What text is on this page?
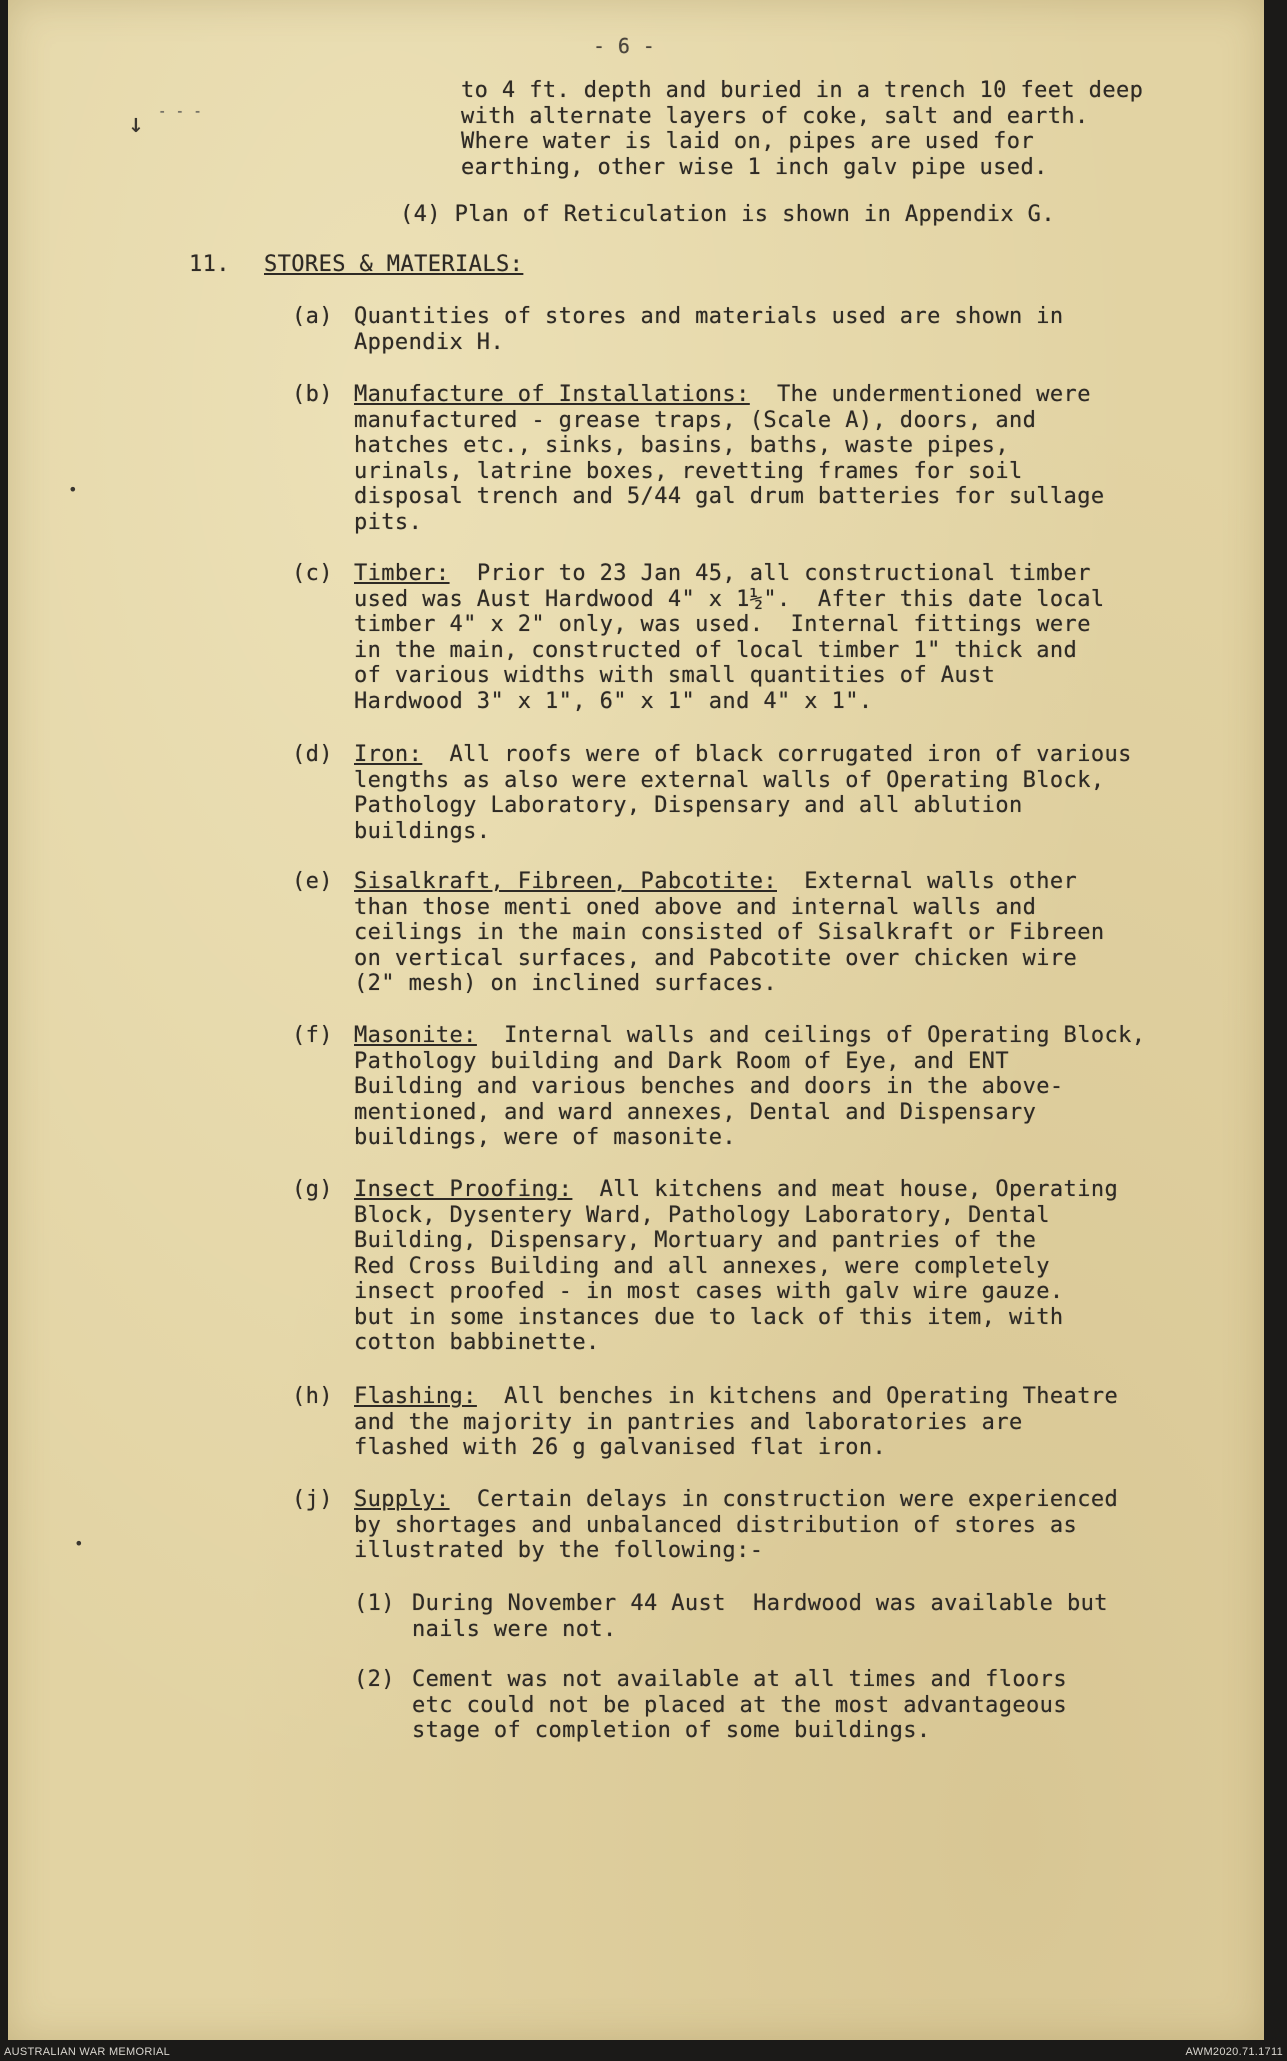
- 6 -
↓ - - -
to 4 ft. depth and buried in a trench 10 feet deep
with alternate layers of coke, salt and earth.
Where water is laid on, pipes are used for
earthing, other wise 1 inch galv pipe used.
(4) Plan of Reticulation is shown in Appendix G.
11. STORES & MATERIALS:
(a) Quantities of stores and materials used are shown in
Appendix H.
(b) Manufacture of Installations:  The undermentioned were
manufactured - grease traps, (Scale A), doors, and
hatches etc., sinks, basins, baths, waste pipes,
urinals, latrine boxes, revetting frames for soil
disposal trench and 5/44 gal drum batteries for sullage
pits.
(c) Timber:  Prior to 23 Jan 45, all constructional timber
used was Aust Hardwood 4" x 1½".  After this date local
timber 4" x 2" only, was used.  Internal fittings were
in the main, constructed of local timber 1" thick and
of various widths with small quantities of Aust
Hardwood 3" x 1", 6" x 1" and 4" x 1".
(d) Iron:  All roofs were of black corrugated iron of various
lengths as also were external walls of Operating Block,
Pathology Laboratory, Dispensary and all ablution
buildings.
(e) Sisalkraft, Fibreen, Pabcotite:  External walls other
than those menti oned above and internal walls and
ceilings in the main consisted of Sisalkraft or Fibreen
on vertical surfaces, and Pabcotite over chicken wire
(2" mesh) on inclined surfaces.
(f) Masonite:  Internal walls and ceilings of Operating Block,
Pathology building and Dark Room of Eye, and ENT
Building and various benches and doors in the above-
mentioned, and ward annexes, Dental and Dispensary
buildings, were of masonite.
(g) Insect Proofing:  All kitchens and meat house, Operating
Block, Dysentery Ward, Pathology Laboratory, Dental
Building, Dispensary, Mortuary and pantries of the
Red Cross Building and all annexes, were completely
insect proofed - in most cases with galv wire gauze.
but in some instances due to lack of this item, with
cotton babbinette.
(h) Flashing:  All benches in kitchens and Operating Theatre
and the majority in pantries and laboratories are
flashed with 26 g galvanised flat iron.
(j) Supply:  Certain delays in construction were experienced
by shortages and unbalanced distribution of stores as
illustrated by the following:-
(1) During November 44 Aust  Hardwood was available but
nails were not.
(2) Cement was not available at all times and floors
etc could not be placed at the most advantageous
stage of completion of some buildings.
•
•
AUSTRALIAN WAR MEMORIAL	AWM2020.71.1711
